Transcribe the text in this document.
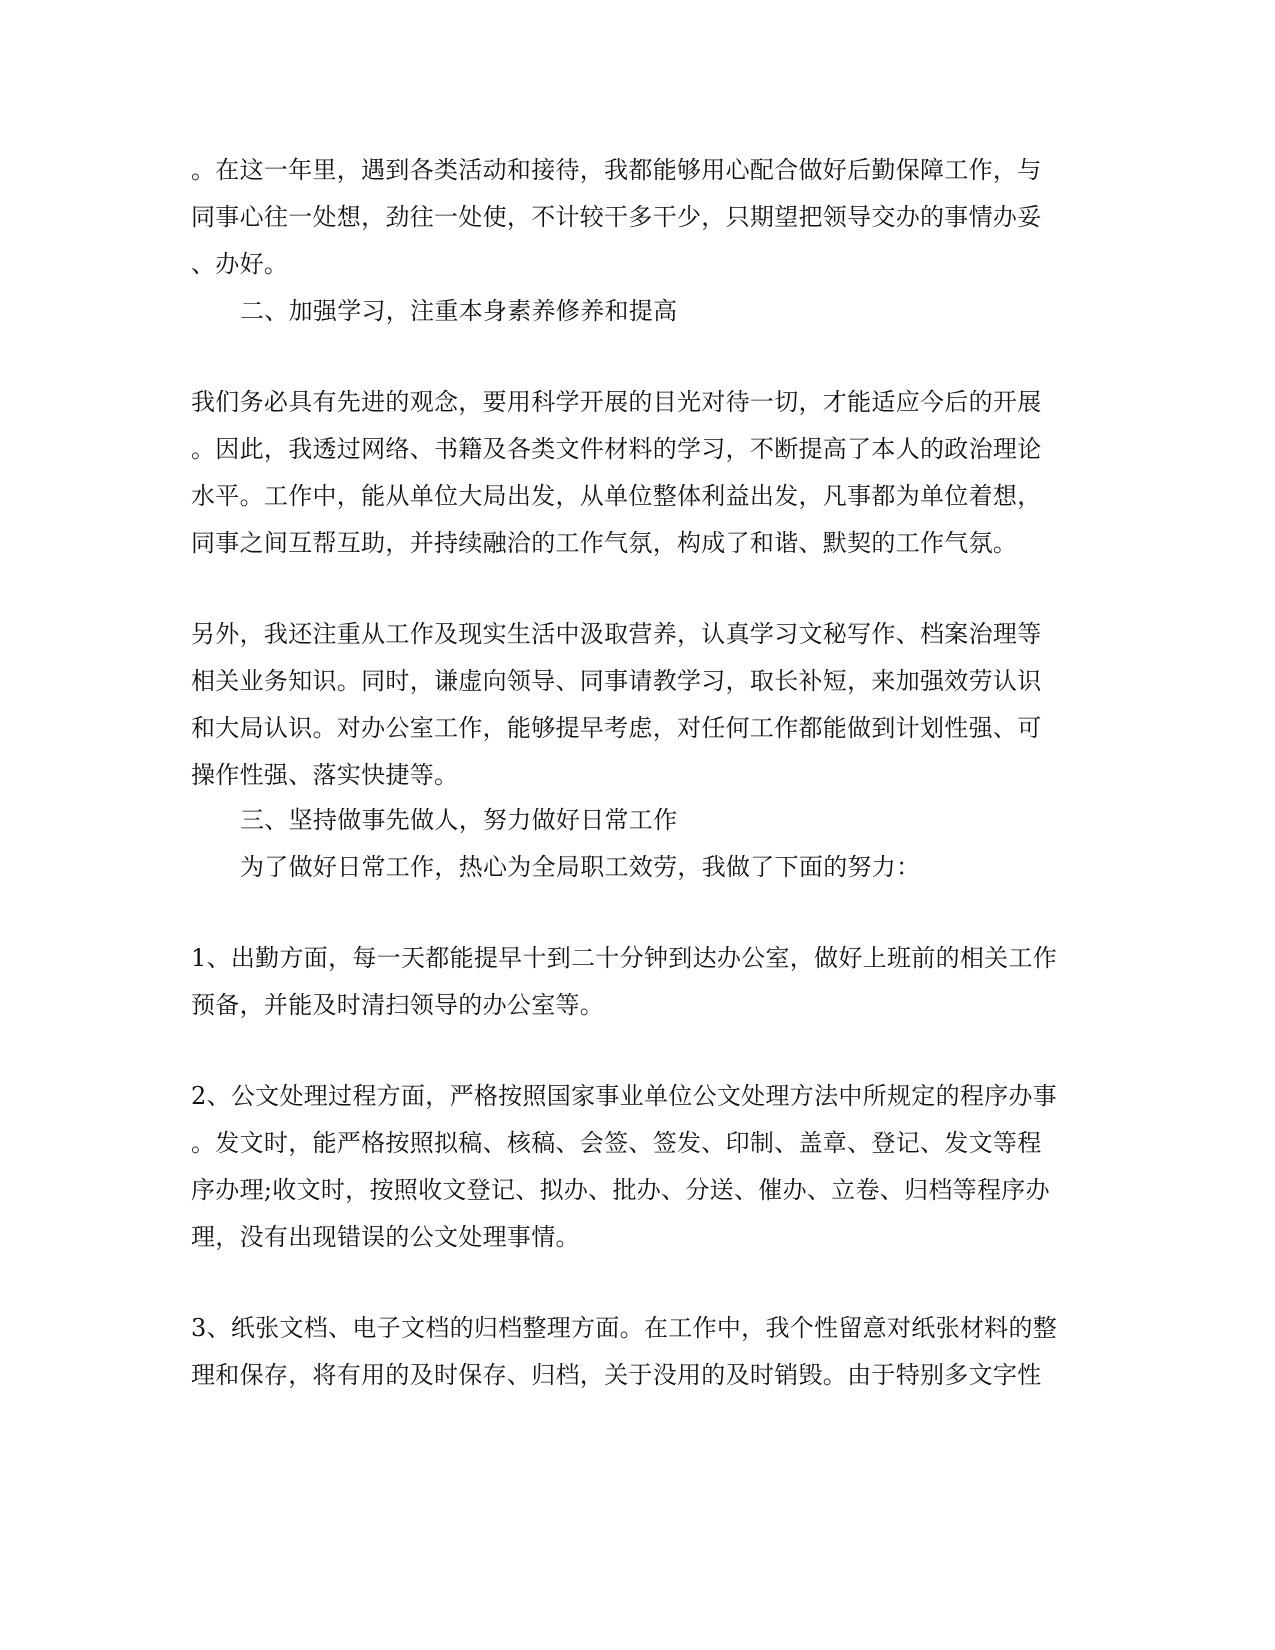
。在这一年里，遇到各类活动和接待，我都能够用心配合做好后勤保障工作，与
同事心往一处想，劲往一处使，不计较干多干少，只期望把领导交办的事情办妥
、办好。
二、加强学习，注重本身素养修养和提高
我们务必具有先进的观念，要用科学开展的目光对待一切，才能适应今后的开展
。因此，我透过网络、书籍及各类文件材料的学习，不断提高了本人的政治理论
水平。工作中，能从单位大局出发，从单位整体利益出发，凡事都为单位着想，
同事之间互帮互助，并持续融洽的工作气氛，构成了和谐、默契的工作气氛。
另外，我还注重从工作及现实生活中汲取营养，认真学习文秘写作、档案治理等
相关业务知识。同时，谦虚向领导、同事请教学习，取长补短，来加强效劳认识
和大局认识。对办公室工作，能够提早考虑，对任何工作都能做到计划性强、可
操作性强、落实快捷等。
三、坚持做事先做人，努力做好日常工作
为了做好日常工作，热心为全局职工效劳，我做了下面的努力：
1、出勤方面，每一天都能提早十到二十分钟到达办公室，做好上班前的相关工作
预备，并能及时清扫领导的办公室等。
2、公文处理过程方面，严格按照国家事业单位公文处理方法中所规定的程序办事
。发文时，能严格按照拟稿、核稿、会签、签发、印制、盖章、登记、发文等程
序办理;收文时，按照收文登记、拟办、批办、分送、催办、立卷、归档等程序办
理，没有出现错误的公文处理事情。
3、纸张文档、电子文档的归档整理方面。在工作中，我个性留意对纸张材料的整
理和保存，将有用的及时保存、归档，关于没用的及时销毁。由于特别多文字性
